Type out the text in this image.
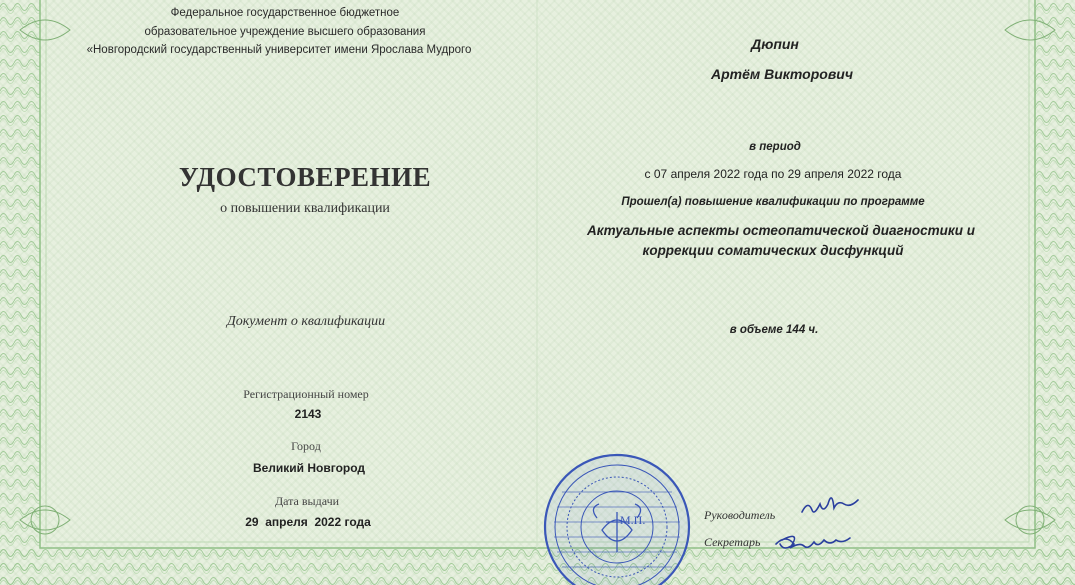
Федеральное государственное бюджетное
образовательное учреждение высшего образования
«Новгородский государственный университет имени Ярослава Мудрого
УДОСТОВЕРЕНИЕ
о повышении квалификации
Документ о квалификации
Регистрационный номер
2143
Город
Великий Новгород
Дата выдачи
29  апреля  2022 года
Дюпин
Артём Викторович
в период
с 07 апреля 2022 года по 29 апреля 2022 года
Прошел(а) повышение квалификации по программе
Актуальные аспекты остеопатической диагностики и
коррекции соматических дисфункций
в объеме 144 ч.
М.П.	Руководитель
Секретарь
